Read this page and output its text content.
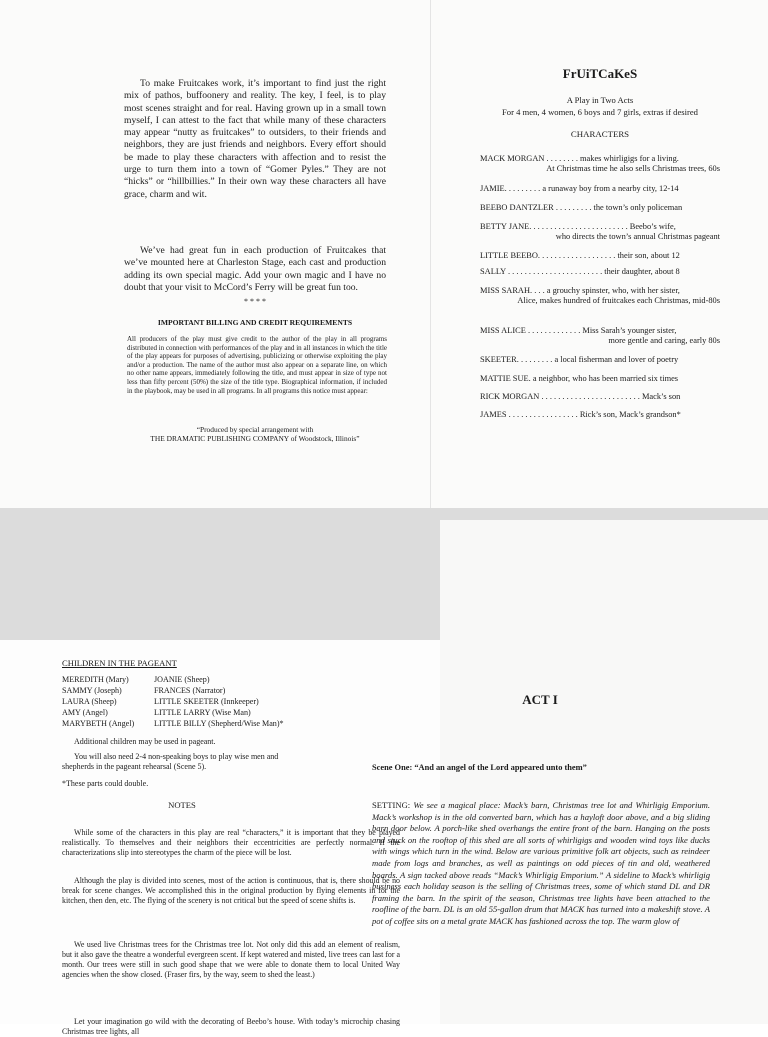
To make Fruitcakes work, it’s important to find just the right mix of pathos, buffoonery and reality. The key, I feel, is to play most scenes straight and for real. Having grown up in a small town myself, I can attest to the fact that while many of these characters may appear “nutty as fruitcakes” to outsiders, to their friends and neighbors, they are just friends and neighbors. Every effort should be made to play these characters with affection and to resist the urge to turn them into a town of “Gomer Pyles.” They are not “hicks” or “hillbillies.” In their own way these characters all have grace, charm and wit.

We’ve had great fun in each production of Fruitcakes that we’ve mounted here at Charleston Stage, each cast and production adding its own special magic. Add your own magic and I have no doubt that your visit to McCord’s Ferry will be great fun too.

* * * *

IMPORTANT BILLING AND CREDIT REQUIREMENTS

All producers of the play must give credit to the author of the play in all programs distributed in connection with performances of the play and in all instances in which the title of the play appears for purposes of advertising, publicizing or otherwise exploiting the play and/or a production. The name of the author must also appear on a separate line, on which no other name appears, immediately following the title, and must appear in size of type not less than fifty percent (50%) the size of the title type. Biographical information, if included in the playbook, may be used in all programs. In all programs this notice must appear:

“Produced by special arrangement with

THE DRAMATIC PUBLISHING COMPANY of Woodstock, Illinois”

FrUiTCaKeS

A Play in Two Acts

For 4 men, 4 women, 6 boys and 7 girls, extras if desired

CHARACTERS

MACK MORGAN . . . . . . . . makes whirligigs for a living.
At Christmas time he also sells Christmas trees, 60s
JAMIE. . . . . . . . . a runaway boy from a nearby city, 12-14
BEEBO DANTZLER . . . . . . . . . the town’s only policeman
BETTY JANE. . . . . . . . . . . . . . . . . . . . . . . . Beebo’s wife,
who directs the town’s annual Christmas pageant
LITTLE BEEBO. . . . . . . . . . . . . . . . . . . their son, about 12
SALLY . . . . . . . . . . . . . . . . . . . . . . . their daughter, about 8
MISS SARAH. . . . a grouchy spinster, who, with her sister,
Alice, makes hundred of fruitcakes each Christmas, mid-80s
MISS ALICE . . . . . . . . . . . . . Miss Sarah’s younger sister,
more gentle and caring, early 80s
SKEETER. . . . . . . . . a local fisherman and lover of poetry
MATTIE SUE. a neighbor, who has been married six times
RICK MORGAN . . . . . . . . . . . . . . . . . . . . . . . . Mack’s son
JAMES . . . . . . . . . . . . . . . . . Rick’s son, Mack’s grandson*

CHILDREN IN THE PAGEANT

MEREDITH (Mary)
SAMMY (Joseph)
LAURA (Sheep)
AMY (Angel)
MARYBETH (Angel)
JOANIE (Sheep)
FRANCES (Narrator)
LITTLE SKEETER (Innkeeper)
LITTLE LARRY (Wise Man)
LITTLE BILLY (Shepherd/Wise Man)*

Additional children may be used in pageant.

You will also need 2-4 non-speaking boys to play wise men and shepherds in the pageant rehearsal (Scene 5).

*These parts could double.

NOTES

While some of the characters in this play are real “characters,” it is important that they be played realistically. To themselves and their neighbors their eccentricities are perfectly normal. If the characterizations slip into stereotypes the charm of the piece will be lost.

Although the play is divided into scenes, most of the action is continuous, that is, there should be no break for scene changes. We accomplished this in the original production by flying elements in for the kitchen, then den, etc. The flying of the scenery is not critical but the speed of scene shifts is.

We used live Christmas trees for the Christmas tree lot. Not only did this add an element of realism, but it also gave the theatre a wonderful evergreen scent. If kept watered and misted, live trees can last for a month. Our trees were still in such good shape that we were able to donate them to local United Way agencies when the show closed. (Fraser firs, by the way, seem to shed the least.)

Let your imagination go wild with the decorating of Beebo’s house. With today’s microchip chasing Christmas tree lights, all

ACT I

Scene One: “And an angel of the Lord appeared unto them”

SETTING: We see a magical place: Mack’s barn, Christmas tree lot and Whirligig Emporium. Mack’s workshop is in the old converted barn, which has a hayloft door above, and a big sliding barn door below. A porch-like shed overhangs the entire front of the barn. Hanging on the posts and stuck on the rooftop of this shed are all sorts of whirligigs and wooden wind toys like ducks with wings which turn in the wind. Below are various primitive folk art objects, such as reindeer made from logs and branches, as well as paintings on odd pieces of tin and old, weathered boards. A sign tacked above reads “Mack’s Whirligig Emporium.” A sideline to Mack’s whirligig business each holiday season is the selling of Christmas trees, some of which stand DL and DR framing the barn. In the spirit of the season, Christmas tree lights have been attached to the roofline of the barn. DL is an old 55-gallon drum that MACK has turned into a makeshift stove. A pot of coffee sits on a metal grate MACK has fashioned across the top. The warm glow of
